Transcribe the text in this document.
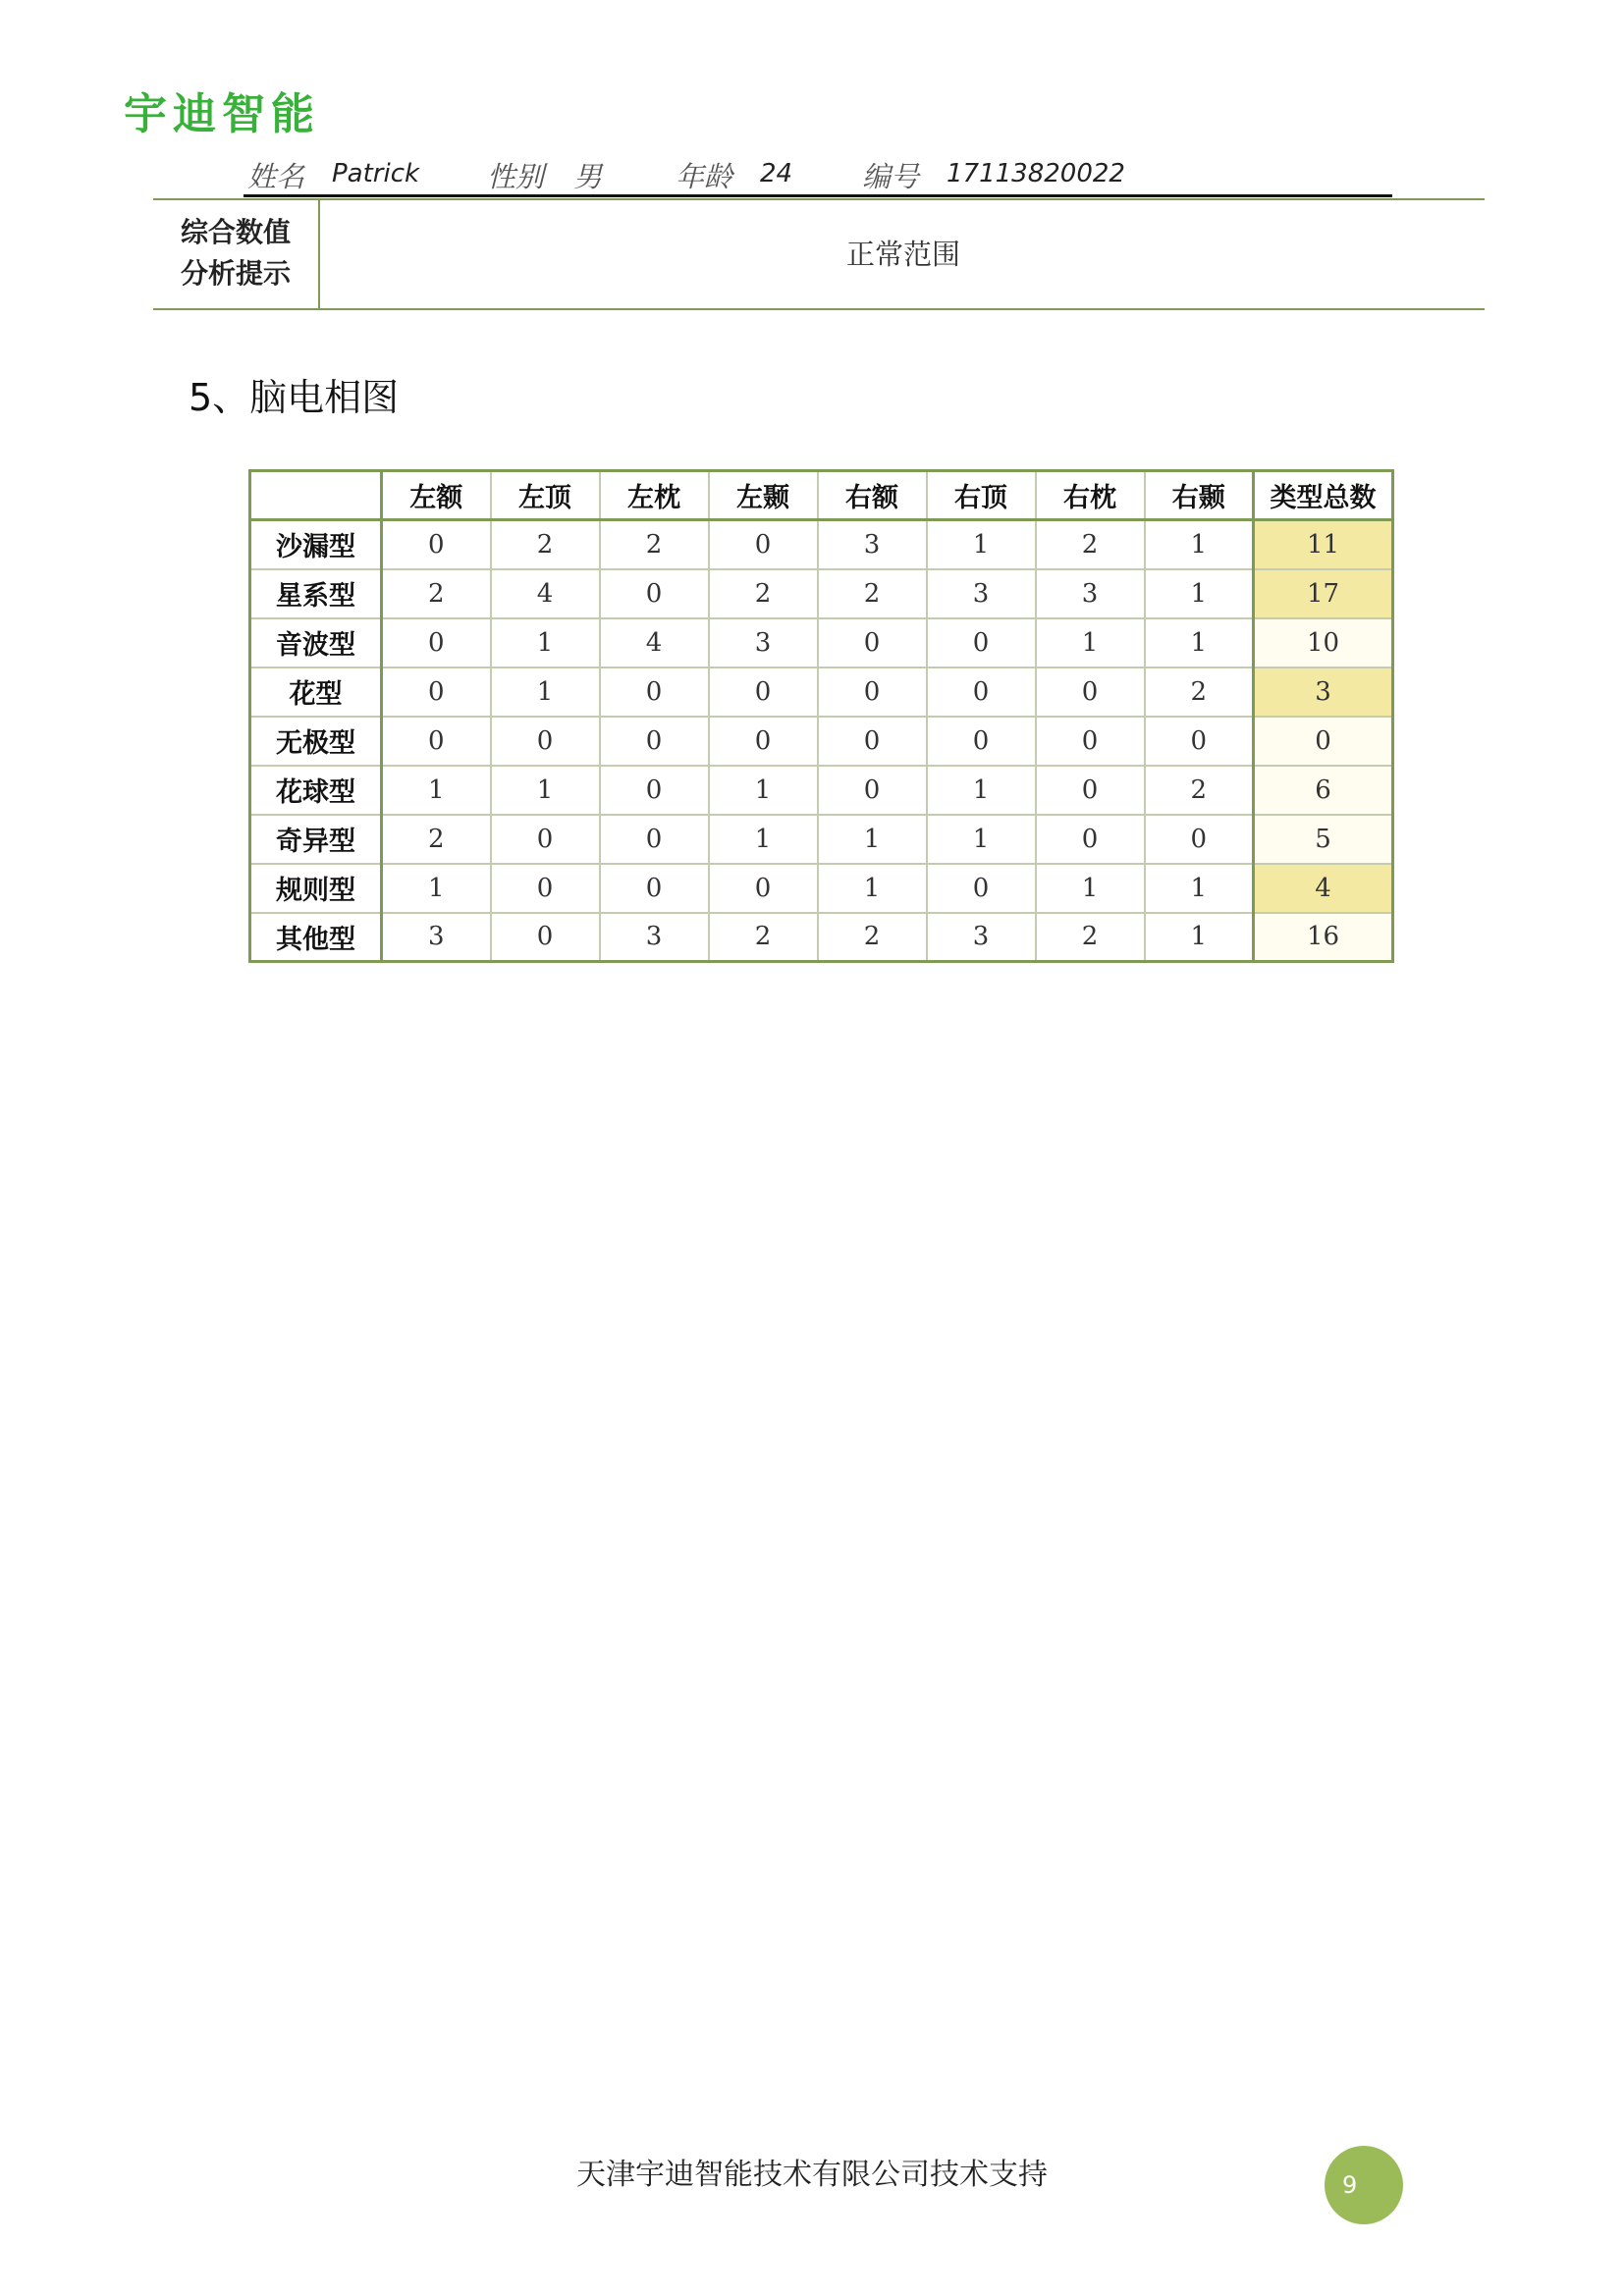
宇迪智能
姓名 Patrick 性别 男	年龄 24 编号 17113820022
综合数值
分析提示
正常范围
5、脑电相图
	左额	左顶	左枕	左颞	右额	右顶	右枕	右颞	类型总数
沙漏型	0	2	2	0	3	1	2	1	11
星系型	2	4	0	2	2	3	3	1	17
音波型	0	1	4	3	0	0	1	1	10
花型	0	1	0	0	0	0	0	2	3
无极型	0	0	0	0	0	0	0	0	0
花球型	1	1	0	1	0	1	0	2	6
奇异型	2	0	0	1	1	1	0	0	5
规则型	1	0	0	0	1	0	1	1	4
其他型	3	0	3	2	2	3	2	1	16
天津宇迪智能技术有限公司技术支持	9
